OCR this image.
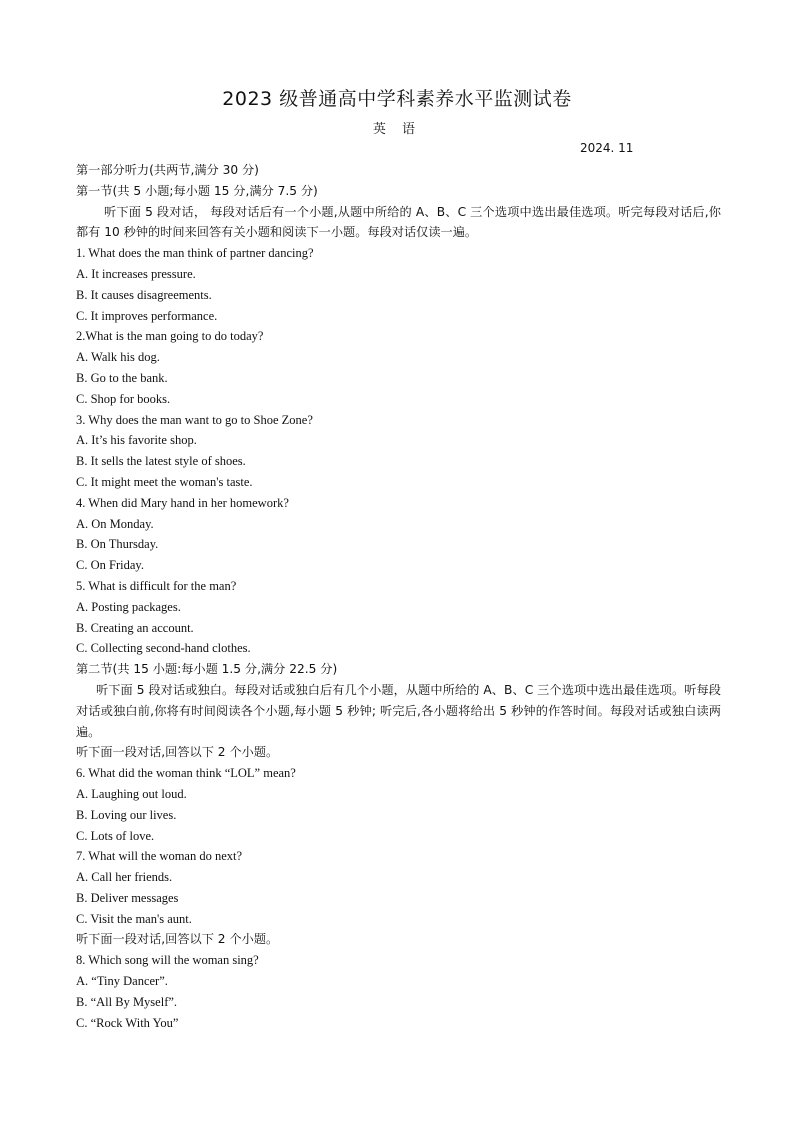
2023 级普通高中学科素养水平监测试卷
英 语
2024. 11
第一部分听力(共两节,满分 30 分)
第一节(共 5 小题;每小题 15 分,满分 7.5 分)
听下面 5 段对话， 每段对话后有一个小题,从题中所给的 A、B、C 三个选项中选出最佳选项。听完每段对话后,你都有 10 秒钟的时间来回答有关小题和阅读下一小题。每段对话仅读一遍。
1. What does the man think of partner dancing?
A. It increases pressure.
B. It causes disagreements.
C. It improves performance.
2.What is the man going to do today?
A. Walk his dog.
B. Go to the bank.
C. Shop for books.
3. Why does the man want to go to Shoe Zone?
A. It’s his favorite shop.
B. It sells the latest style of shoes.
C. It might meet the woman's taste.
4. When did Mary hand in her homework?
A. On Monday.
B. On Thursday.
C. On Friday.
5. What is difficult for the man?
A. Posting packages.
B. Creating an account.
C. Collecting second-hand clothes.
第二节(共 15 小题:每小题 1.5 分,满分 22.5 分)
听下面 5 段对话或独白。每段对话或独白后有几个小题，从题中所给的 A、B、C 三个选项中选出最佳选项。听每段对话或独白前,你将有时间阅读各个小题,每小题 5 秒钟; 听完后,各小题将给出 5 秒钟的作答时间。每段对话或独白读两遍。
听下面一段对话,回答以下 2 个小题。
6. What did the woman think “LOL” mean?
A. Laughing out loud.
B. Loving our lives.
C. Lots of love.
7. What will the woman do next?
A. Call her friends.
B. Deliver messages
C. Visit the man's aunt.
听下面一段对话,回答以下 2 个小题。
8. Which song will the woman sing?
A. “Tiny Dancer”.
B. “All By Myself”.
C. “Rock With You”
